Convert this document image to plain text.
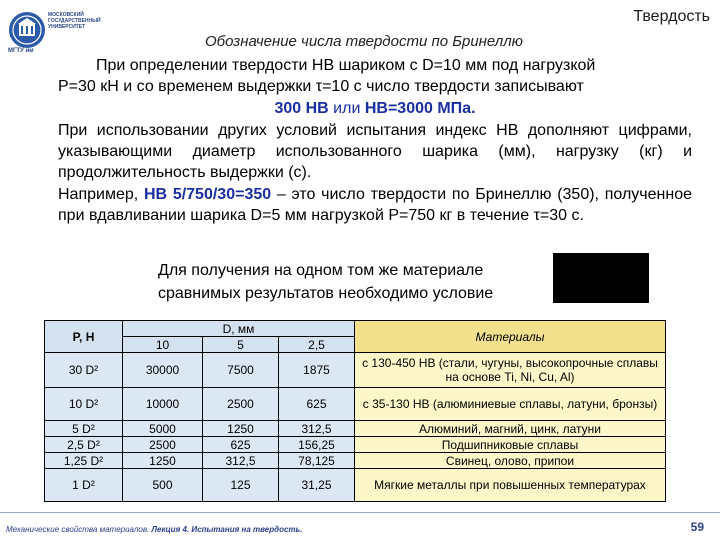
МОСКОВСКИЙ ГОСУДАРСТВЕННЫЙ УНИВЕРСИТЕТ
МГТУ им
Твердость
Обозначение числа твердости по Бринеллю
При определении твердости НВ шариком с D=10 мм под нагрузкой
Р=30 кН и со временем выдержки τ=10 с число твердости записывают
300 НВ или НВ=3000 МПа.
При использовании других условий испытания индекс НВ дополняют цифрами, указывающими диаметр использованного шарика (мм), нагрузку (кг) и продолжительность выдержки (с).
Например, НВ 5/750/30=350 – это число твердости по Бринеллю (350), полученное при вдавливании шарика D=5 мм нагрузкой Р=750 кг в течение τ=30 с.
Для получения на одном том же материале
сравнимых результатов необходимо условие
P, H	D, мм			Материалы
	10	5	2,5	
30 D²	30000	7500	1875	с 130-450 НВ (стали, чугуны, высокопрочные сплавы на основе Ti, Ni, Cu, Al)
10 D²	10000	2500	625	с 35-130 НВ (алюминиевые сплавы, латуни, бронзы)
5 D²	5000	1250	312,5	Алюминий, магний, цинк, латуни
2,5 D²	2500	625	156,25	Подшипниковые сплавы
1,25 D²	1250	312,5	78,125	Свинец, олово, припои
1 D²	500	125	31,25	Мягкие металлы при повышенных температурах
Механические свойства материалов. Лекция 4. Испытания на твердость.	59
